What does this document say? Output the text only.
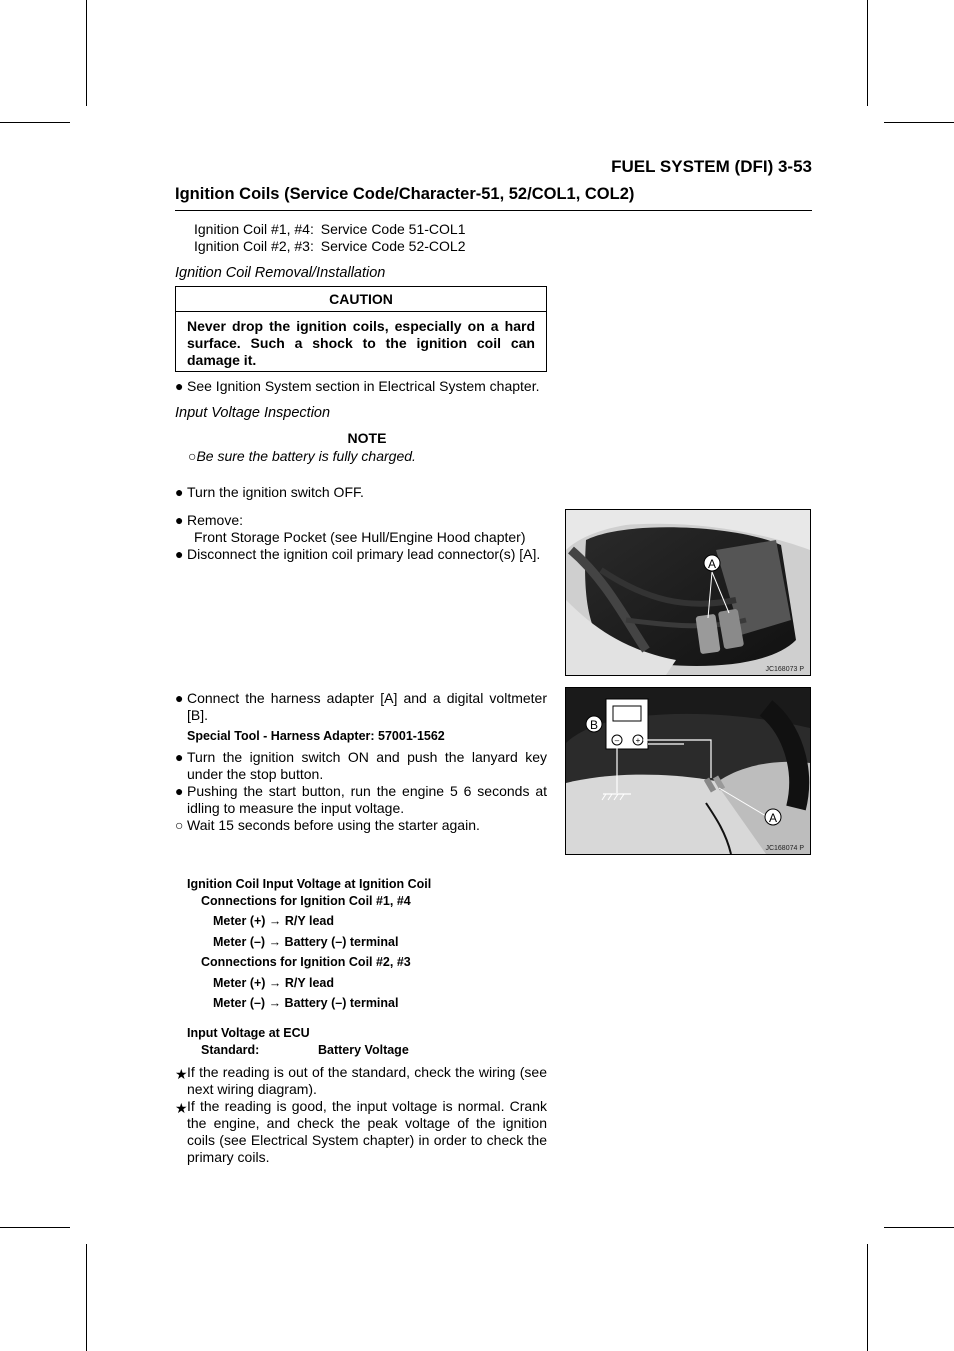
FUEL SYSTEM (DFI) 3-53
Ignition Coils (Service Code/Character-51, 52/COL1, COL2)
Ignition Coil #1, #4: Service Code 51-COL1
Ignition Coil #2, #3: Service Code 52-COL2
Ignition Coil Removal/Installation
CAUTION
Never drop the ignition coils, especially on a hard surface. Such a shock to the ignition coil can damage it.
● See Ignition System section in Electrical System chapter.
Input Voltage Inspection
NOTE
○Be sure the battery is fully charged.
● Turn the ignition switch OFF.
● Remove:
Front Storage Pocket (see Hull/Engine Hood chapter)
● Disconnect the ignition coil primary lead connector(s) [A].
A
JC168073 P
● Connect the harness adapter [A] and a digital voltmeter [B].
Special Tool - Harness Adapter: 57001-1562
● Turn the ignition switch ON and push the lanyard key under the stop button.
● Pushing the start button, run the engine 5 6 seconds at idling to measure the input voltage.
○ Wait 15 seconds before using the starter again.
– +
B
A
JC168074 P
Ignition Coil Input Voltage at Ignition Coil
Connections for Ignition Coil #1, #4
Meter (+) → R/Y lead
Meter (–) → Battery (–) terminal
Connections for Ignition Coil #2, #3
Meter (+) → R/Y lead
Meter (–) → Battery (–) terminal
Input Voltage at ECU
Standard:	Battery Voltage
★ If the reading is out of the standard, check the wiring (see next wiring diagram).
★ If the reading is good, the input voltage is normal. Crank the engine, and check the peak voltage of the ignition coils (see Electrical System chapter) in order to check the primary coils.
